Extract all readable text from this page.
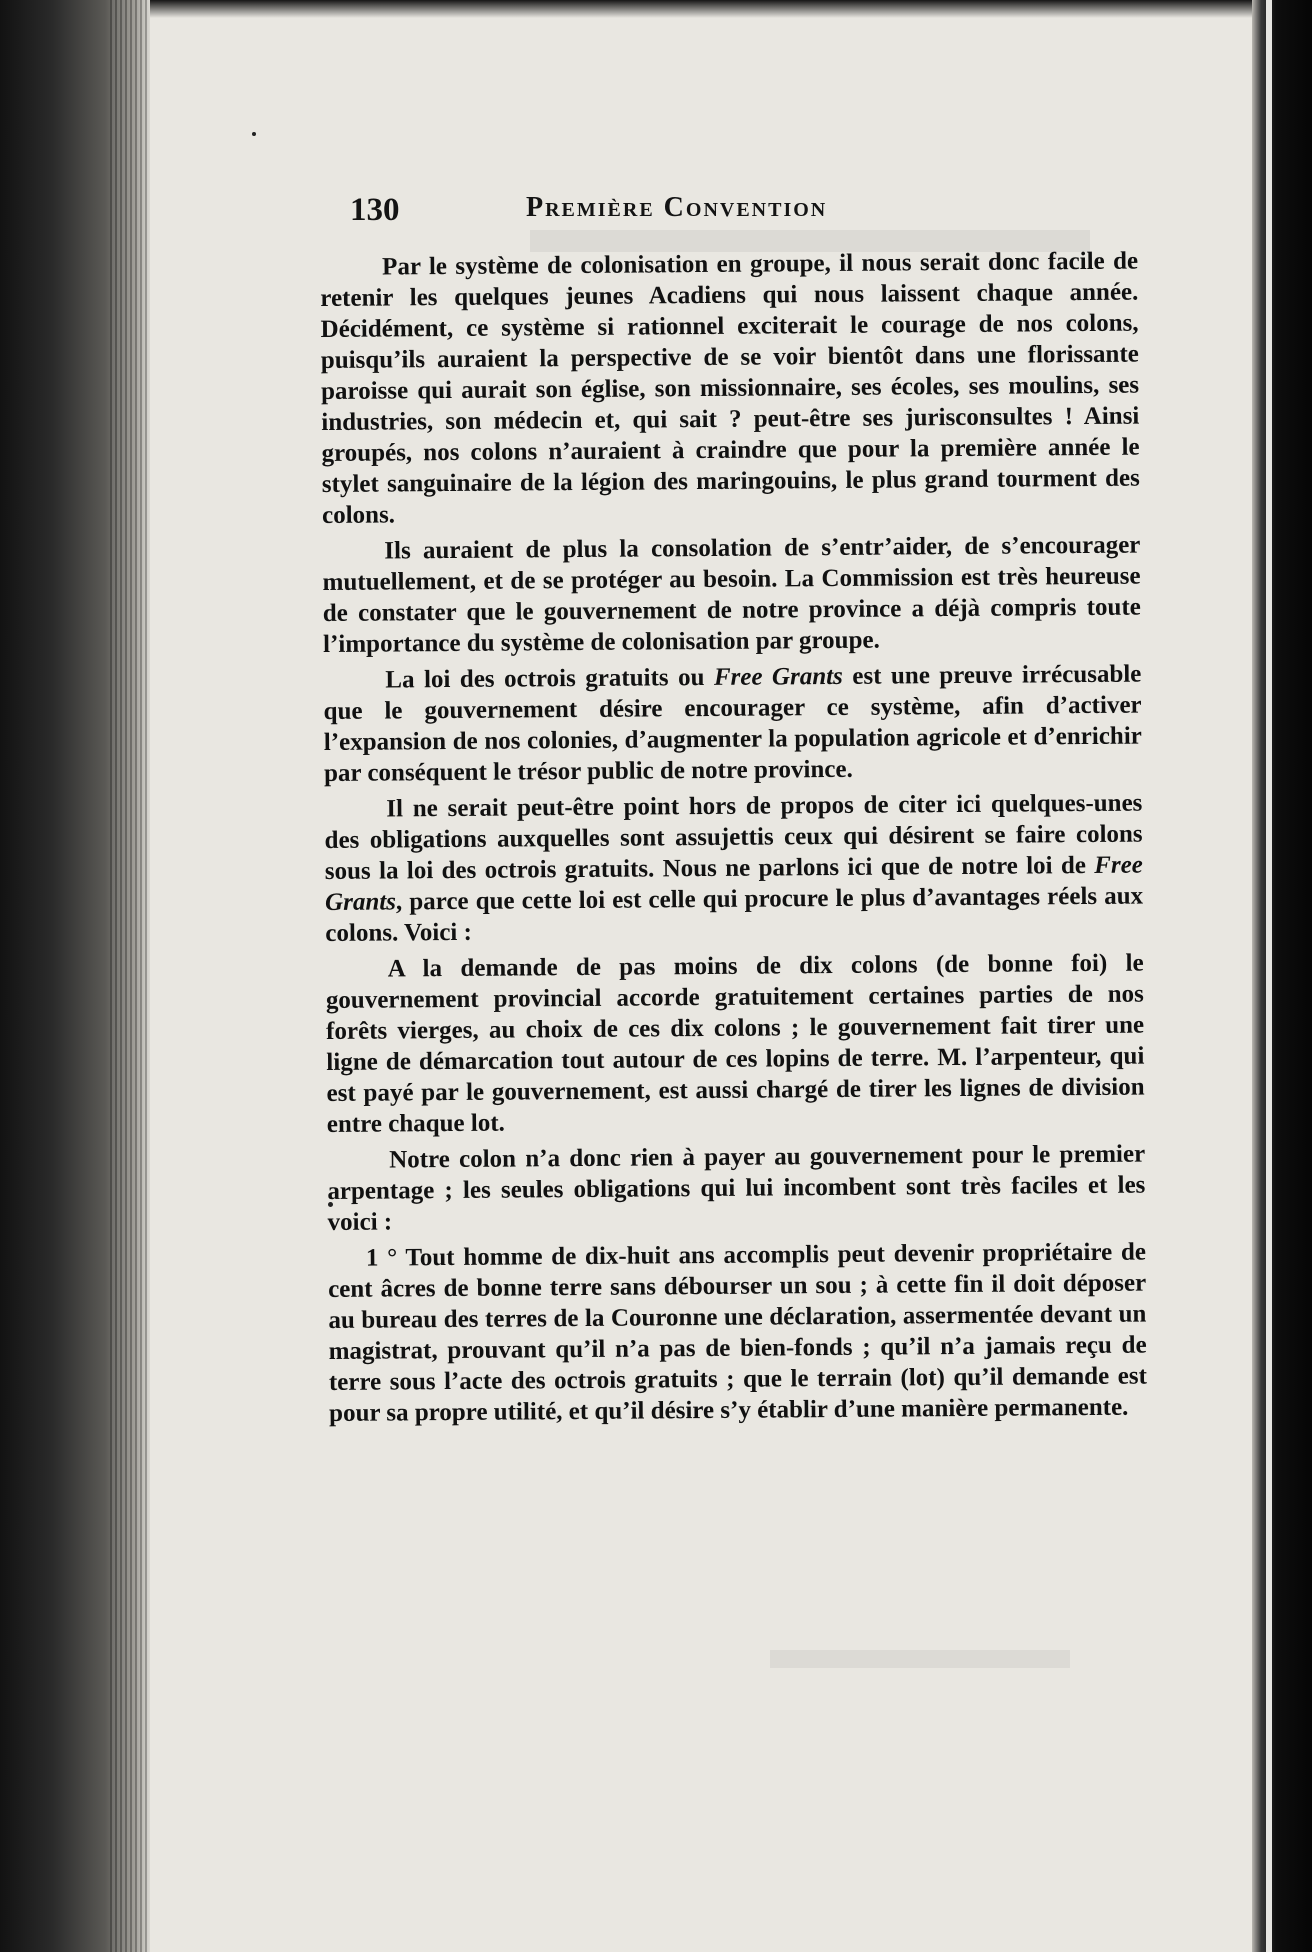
130	Première Convention

Par le système de colonisation en groupe, il nous serait donc facile de retenir les quelques jeunes Acadiens qui nous laissent chaque année. Décidément, ce système si rationnel exciterait le courage de nos colons, puisqu’ils auraient la perspective de se voir bientôt dans une florissante paroisse qui aurait son église, son missionnaire, ses écoles, ses moulins, ses industries, son médecin et, qui sait ? peut-être ses jurisconsultes ! Ainsi groupés, nos colons n’auraient à craindre que pour la première année le stylet sanguinaire de la légion des maringouins, le plus grand tourment des colons.

Ils auraient de plus la consolation de s’entr’aider, de s’encourager mutuellement, et de se protéger au besoin. La Commission est très heureuse de constater que le gouvernement de notre province a déjà compris toute l’importance du système de colonisation par groupe.

La loi des octrois gratuits ou Free Grants est une preuve irrécusable que le gouvernement désire encourager ce système, afin d’activer l’expansion de nos colonies, d’augmenter la population agricole et d’enrichir par conséquent le trésor public de notre province.

Il ne serait peut-être point hors de propos de citer ici quelques-unes des obligations auxquelles sont assujettis ceux qui désirent se faire colons sous la loi des octrois gratuits. Nous ne parlons ici que de notre loi de Free Grants, parce que cette loi est celle qui procure le plus d’avantages réels aux colons. Voici :

A la demande de pas moins de dix colons (de bonne foi) le gouvernement provincial accorde gratuitement certaines parties de nos forêts vierges, au choix de ces dix colons ; le gouvernement fait tirer une ligne de démarcation tout autour de ces lopins de terre. M. l’arpenteur, qui est payé par le gouvernement, est aussi chargé de tirer les lignes de division entre chaque lot.

Notre colon n’a donc rien à payer au gouvernement pour le premier arpentage ; les seules obligations qui lui incombent sont très faciles et les voici :

1 ° Tout homme de dix-huit ans accomplis peut devenir propriétaire de cent âcres de bonne terre sans débourser un sou ; à cette fin il doit déposer au bureau des terres de la Couronne une déclaration, assermentée devant un magistrat, prouvant qu’il n’a pas de bien-fonds ; qu’il n’a jamais reçu de terre sous l’acte des octrois gratuits ; que le terrain (lot) qu’il demande est pour sa propre utilité, et qu’il désire s’y établir d’une manière permanente.
